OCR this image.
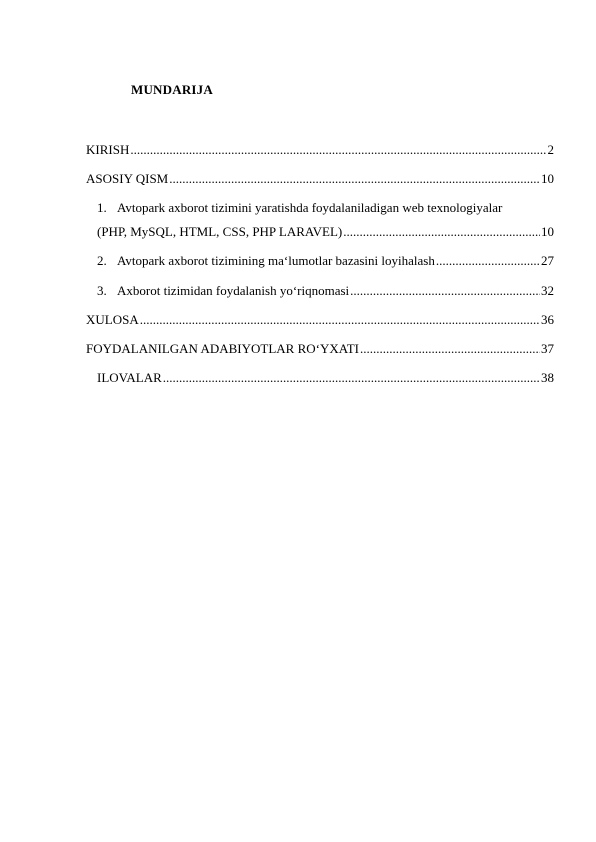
MUNDARIJA
KIRISH .....	2
ASOSIY QISM .....	10
1. Avtopark axborot tizimini yaratishda foydalaniladigan web texnologiyalar
(PHP, MySQL, HTML, CSS, PHP LARAVEL) .....	10
2. Avtopark axborot tizimining ma‘lumotlar bazasini loyihalash .....	27
3. Axborot tizimidan foydalanish yo‘riqnomasi .....	32
XULOSA .....	36
FOYDALANILGAN ADABIYOTLAR RO‘YXATI .....	37
ILOVALAR .....	38
